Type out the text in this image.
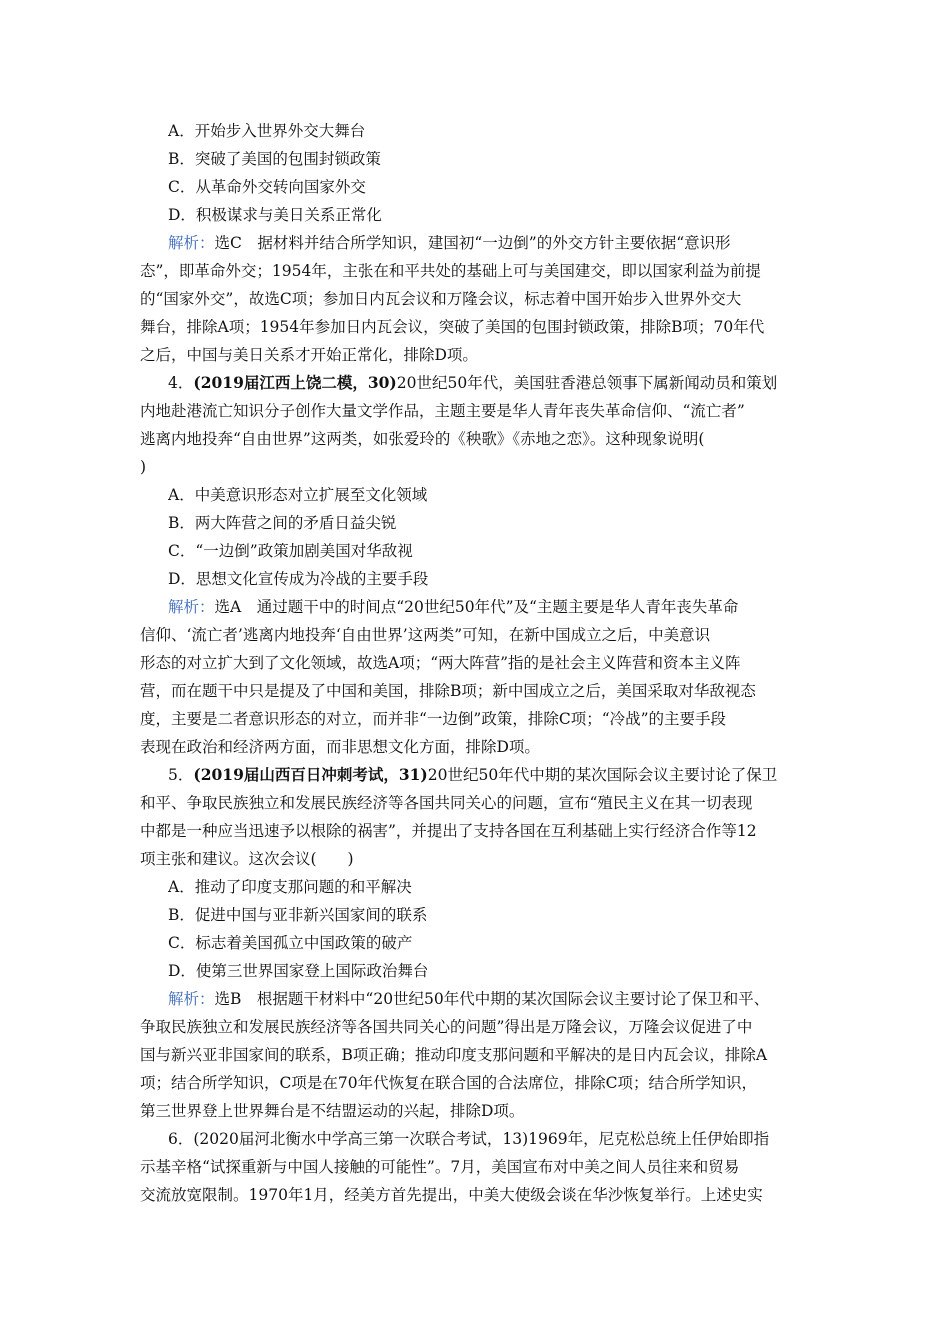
A．开始步入世界外交大舞台
B．突破了美国的包围封锁政策
C．从革命外交转向国家外交
D．积极谋求与美日关系正常化
解析：选C　据材料并结合所学知识，建国初“一边倒”的外交方针主要依据“意识形
态”，即革命外交；1954年，主张在和平共处的基础上可与美国建交，即以国家利益为前提
的“国家外交”，故选C项；参加日内瓦会议和万隆会议，标志着中国开始步入世界外交大
舞台，排除A项；1954年参加日内瓦会议，突破了美国的包围封锁政策，排除B项；70年代
之后，中国与美日关系才开始正常化，排除D项。
4．(2019届江西上饶二模，30)20世纪50年代，美国驻香港总领事下属新闻动员和策划
内地赴港流亡知识分子创作大量文学作品，主题主要是华人青年丧失革命信仰、“流亡者”
逃离内地投奔“自由世界”这两类，如张爱玲的《秧歌》《赤地之恋》。这种现象说明(
)
A．中美意识形态对立扩展至文化领域
B．两大阵营之间的矛盾日益尖锐
C．“一边倒”政策加剧美国对华敌视
D．思想文化宣传成为冷战的主要手段
解析：选A　通过题干中的时间点“20世纪50年代”及“主题主要是华人青年丧失革命
信仰、‘流亡者’逃离内地投奔‘自由世界’这两类”可知，在新中国成立之后，中美意识
形态的对立扩大到了文化领域，故选A项；“两大阵营”指的是社会主义阵营和资本主义阵
营，而在题干中只是提及了中国和美国，排除B项；新中国成立之后，美国采取对华敌视态
度，主要是二者意识形态的对立，而并非“一边倒”政策，排除C项；“冷战”的主要手段
表现在政治和经济两方面，而非思想文化方面，排除D项。
5．(2019届山西百日冲刺考试，31)20世纪50年代中期的某次国际会议主要讨论了保卫
和平、争取民族独立和发展民族经济等各国共同关心的问题，宣布“殖民主义在其一切表现
中都是一种应当迅速予以根除的祸害”，并提出了支持各国在互利基础上实行经济合作等12
项主张和建议。这次会议(　　)
A．推动了印度支那问题的和平解决
B．促进中国与亚非新兴国家间的联系
C．标志着美国孤立中国政策的破产
D．使第三世界国家登上国际政治舞台
解析：选B　根据题干材料中“20世纪50年代中期的某次国际会议主要讨论了保卫和平、
争取民族独立和发展民族经济等各国共同关心的问题”得出是万隆会议，万隆会议促进了中
国与新兴亚非国家间的联系，B项正确；推动印度支那问题和平解决的是日内瓦会议，排除A
项；结合所学知识，C项是在70年代恢复在联合国的合法席位，排除C项；结合所学知识，
第三世界登上世界舞台是不结盟运动的兴起，排除D项。
6．(2020届河北衡水中学高三第一次联合考试，13)1969年，尼克松总统上任伊始即指
示基辛格“试探重新与中国人接触的可能性”。7月，美国宣布对中美之间人员往来和贸易
交流放宽限制。1970年1月，经美方首先提出，中美大使级会谈在华沙恢复举行。上述史实
